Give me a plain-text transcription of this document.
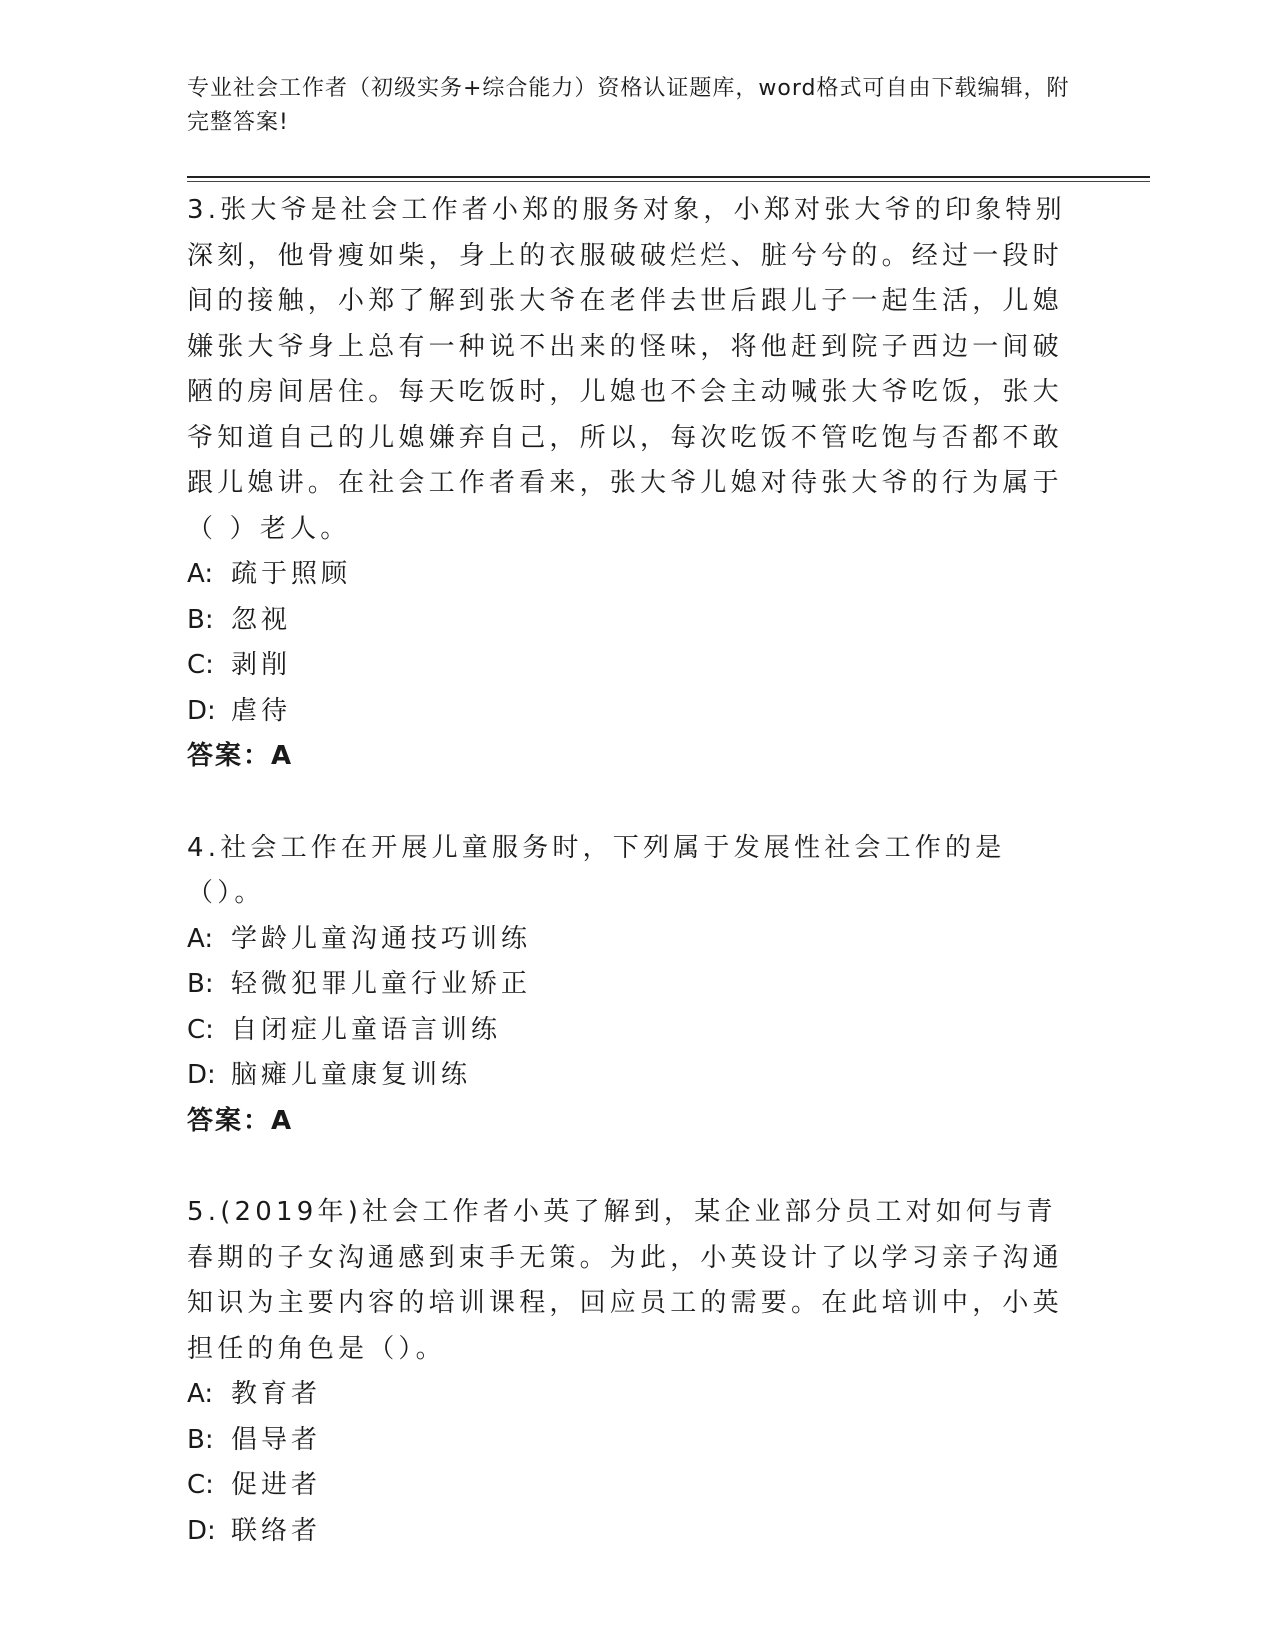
专业社会工作者（初级实务+综合能力）资格认证题库，word格式可自由下载编辑，附完整答案!

3.张大爷是社会工作者小郑的服务对象，小郑对张大爷的印象特别深刻，他骨瘦如柴，身上的衣服破破烂烂、脏兮兮的。经过一段时间的接触，小郑了解到张大爷在老伴去世后跟儿子一起生活，儿媳嫌张大爷身上总有一种说不出来的怪味，将他赶到院子西边一间破陋的房间居住。每天吃饭时，儿媳也不会主动喊张大爷吃饭，张大爷知道自己的儿媳嫌弃自己，所以，每次吃饭不管吃饱与否都不敢跟儿媳讲。在社会工作者看来，张大爷儿媳对待张大爷的行为属于（ ）老人。

A: 疏于照顾

B: 忽视

C: 剥削

D: 虐待

答案：A

4.社会工作在开展儿童服务时，下列属于发展性社会工作的是（）。

A: 学龄儿童沟通技巧训练

B: 轻微犯罪儿童行业矫正

C: 自闭症儿童语言训练

D: 脑瘫儿童康复训练

答案：A

5.(2019年)社会工作者小英了解到，某企业部分员工对如何与青春期的子女沟通感到束手无策。为此，小英设计了以学习亲子沟通知识为主要内容的培训课程，回应员工的需要。在此培训中，小英担任的角色是（）。

A: 教育者

B: 倡导者

C: 促进者

D: 联络者
